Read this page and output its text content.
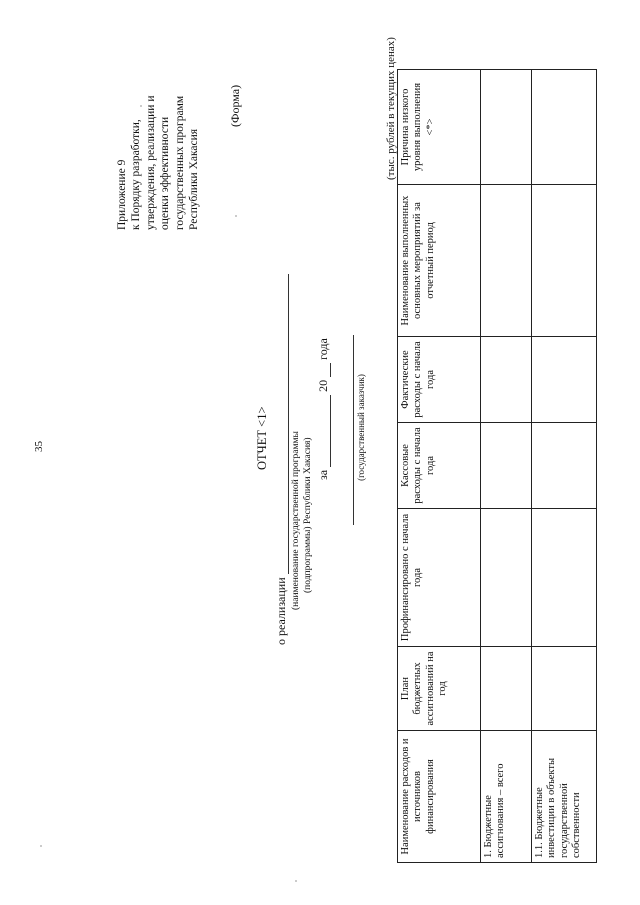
35
Приложение 9 к Порядку разработки, утверждения, реализации и оценки эффективности государственных программ Республики Хакасия
(Форма)
ОТЧЕТ <1>
о реализации
(наименование государственной программы (подпрограммы) Республики Хакасия) за   20   года
(государственный заказчик)
(тыс. рублей в текущих ценах)
Наименование расходов и источников финансирования	План бюджетных ассигнований на год	Профинансировано с начала года	Кассовые расходы с начала года	Фактические расходы с начала года	Наименование выполненных основных мероприятий за отчетный период	Причина низкого уровня выполнения <*>
1. Бюджетные ассигнования – всего						
1.1. Бюджетные инвестиции в объекты государственной собственности						
